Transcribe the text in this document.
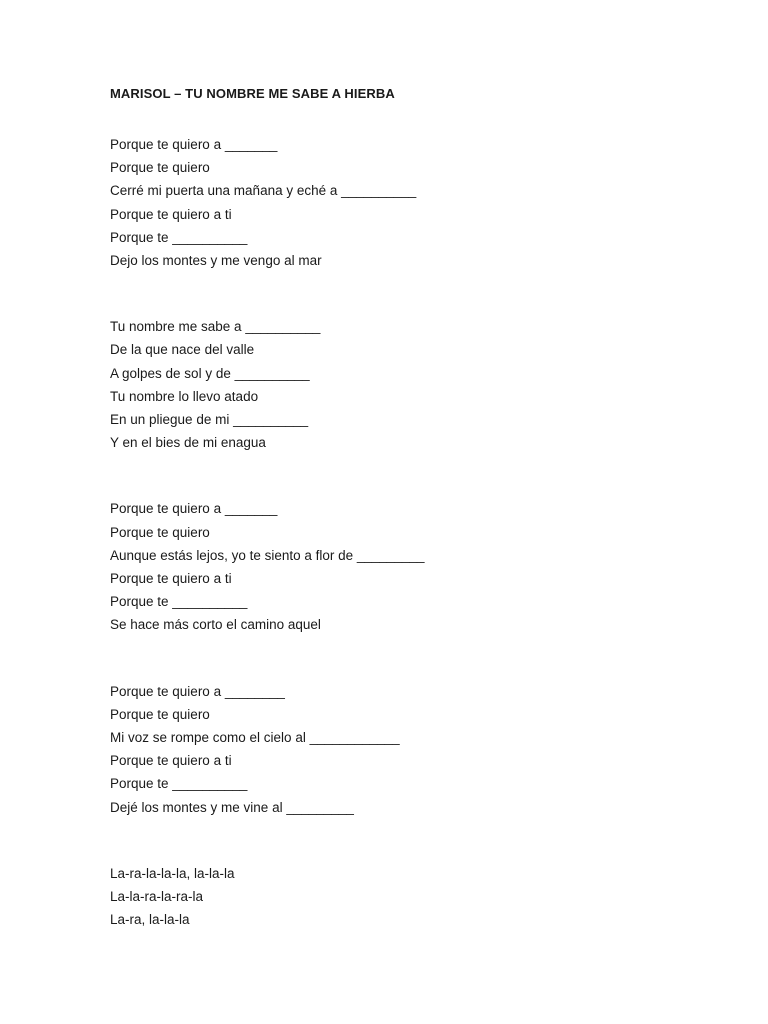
MARISOL – TU NOMBRE ME SABE A HIERBA
Porque te quiero a _______
Porque te quiero
Cerré mi puerta una mañana y eché a __________
Porque te quiero a ti
Porque te __________
Dejo los montes y me vengo al mar
Tu nombre me sabe a __________
De la que nace del valle
A golpes de sol y de __________
Tu nombre lo llevo atado
En un pliegue de mi __________
Y en el bies de mi enagua
Porque te quiero a _______
Porque te quiero
Aunque estás lejos, yo te siento a flor de _________
Porque te quiero a ti
Porque te __________
Se hace más corto el camino aquel
Porque te quiero a ________
Porque te quiero
Mi voz se rompe como el cielo al ____________
Porque te quiero a ti
Porque te __________
Dejé los montes y me vine al _________
La-ra-la-la-la, la-la-la
La-la-ra-la-ra-la
La-ra, la-la-la
